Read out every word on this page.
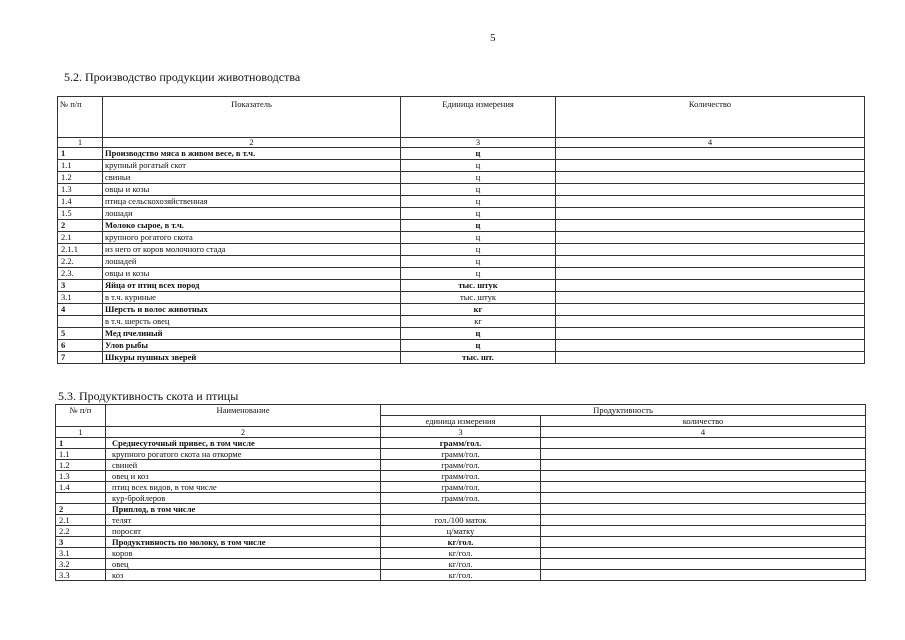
5
5.2. Производство продукции животноводства
№ п/п	Показатель	Единица измерения	Количество
1	2	3	4
1	Производство мяса в живом весе, в т.ч.	ц	
1.1	крупный рогатый скот	ц	
1.2	свиньи	ц	
1.3	овцы и козы	ц	
1.4	птица сельскохозяйственная	ц	
1.5	лошади	ц	
2	Молоко сырое, в т.ч.	ц	
2.1	крупного рогатого скота	ц	
2.1.1	из него от коров молочного стада	ц	
2.2.	лошадей	ц	
2.3.	овцы и козы	ц	
3	Яйца от птиц всех пород	тыс. штук	
3.1	в т.ч. куриные	тыс. штук	
4	Шерсть и волос животных	кг	
	в т.ч. шерсть овец	кг	
5	Мед пчелиный	ц	
6	Улов рыбы	ц	
7	Шкуры пушных зверей	тыс. шт.	
5.3. Продуктивность скота и птицы
№ п/п	Наименование	Продуктивность	
		единица измерения	количество
1	2	3	4
1	Среднесуточный привес, в том числе	грамм/гол.	
1.1	крупного рогатого скота на откорме	грамм/гол.	
1.2	свиней	грамм/гол.	
1.3	овец и коз	грамм/гол.	
1.4	птиц всех видов, в том числе	грамм/гол.	
	кур-бройлеров	грамм/гол.	
2	Приплод, в том числе		
2.1	телят	гол./100 маток	
2.2	поросят	ц/матку	
3	Продуктивность по молоку, в том числе	кг/гол.	
3.1	коров	кг/гол.	
3.2	овец	кг/гол.	
3.3	коз	кг/гол.	
